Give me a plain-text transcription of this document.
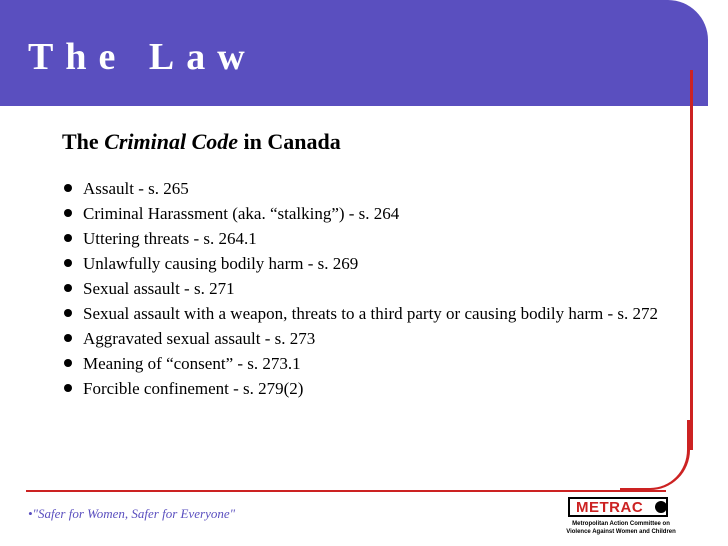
The Law
The Criminal Code in Canada
Assault - s. 265
Criminal Harassment (aka. “stalking”) - s. 264
Uttering threats - s. 264.1
Unlawfully causing bodily harm - s. 269
Sexual assault - s. 271
Sexual assault with a weapon, threats to a third party or causing bodily harm - s. 272
Aggravated sexual assault - s. 273
Meaning of “consent” - s. 273.1
Forcible confinement - s. 279(2)
•"Safer for Women, Safer for Everyone"	METRAC
Metropolitan Action Committee on
Violence Against Women and Children
